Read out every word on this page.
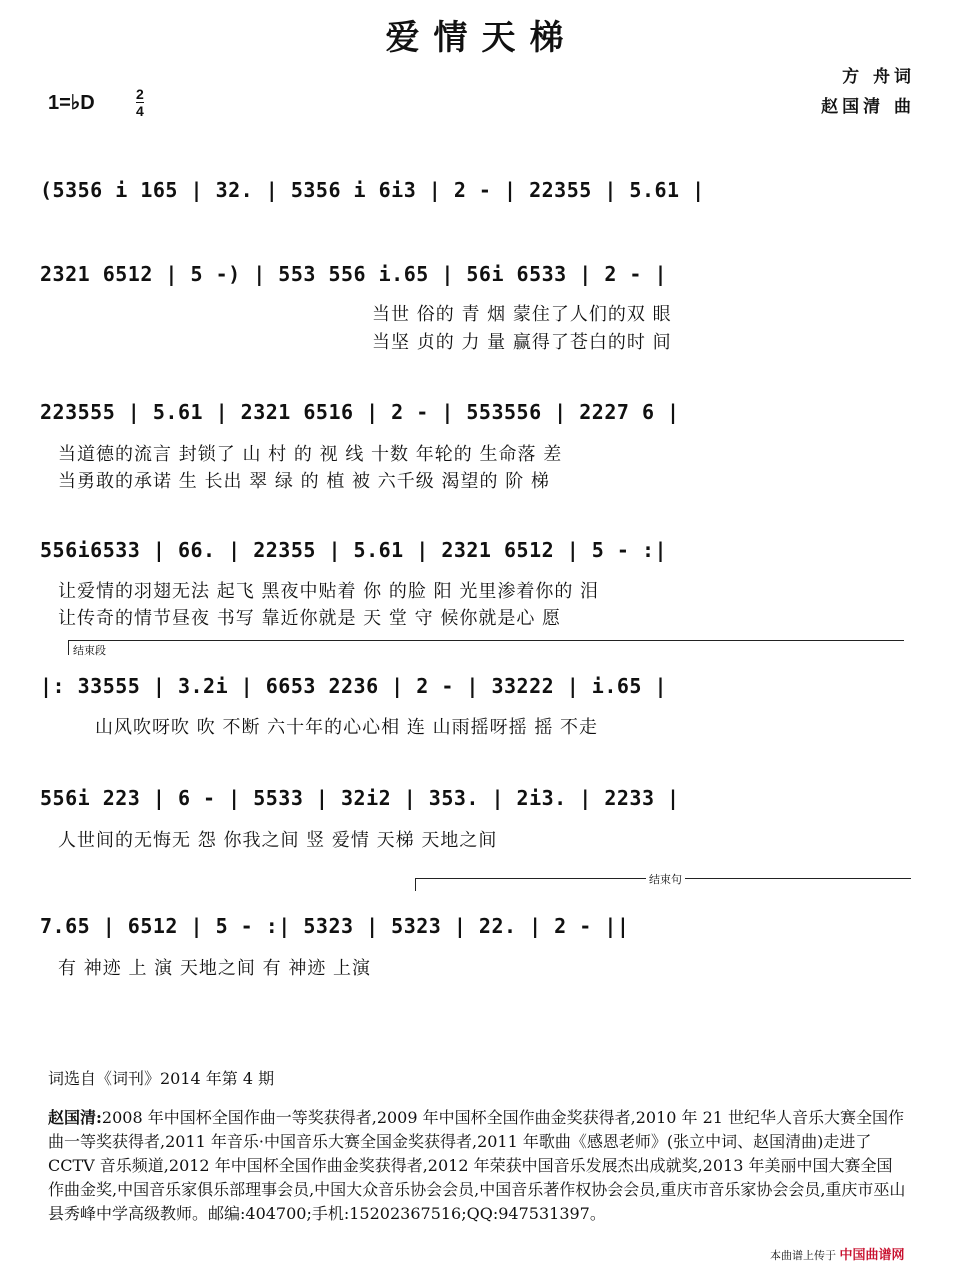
爱情天梯
方 舟词
赵国清 曲
1=♭D	2
4
(5356 i 165 | 32. | 5356 i 6i3 | 2 - | 22355 | 5.61 |
2321 6512 | 5 -) | 553 556 i.65 | 56i 6533 | 2 - |
当世 俗的 青 烟 蒙住了人们的双 眼
当坚 贞的 力 量 赢得了苍白的时 间
223555 | 5.61 | 2321 6516 | 2 - | 553556 | 2227 6 |
当道德的流言 封锁了 山 村 的 视 线 十数 年轮的 生命落 差
当勇敢的承诺 生 长出 翠 绿 的 植 被 六千级 渴望的 阶 梯
556i6533 | 66. | 22355 | 5.61 | 2321 6512 | 5 - :|
让爱情的羽翅无法 起飞 黑夜中贴着 你 的脸 阳 光里渗着你的 泪
让传奇的情节昼夜 书写 靠近你就是 天 堂 守 候你就是心 愿
结束段
|: 33555 | 3.2i | 6653 2236 | 2 - | 33222 | i.65 |
山风吹呀吹 吹 不断 六十年的心心相 连 山雨摇呀摇 摇 不走
556i 223 | 6 - | 5533 | 32i2 | 353. | 2i3. | 2233 |
人世间的无悔无 怨 你我之间 竖 爱情 天梯 天地之间
结束句
7.65 | 6512 | 5 - :| 5323 | 5323 | 22. | 2 - ||
有 神迹 上 演 天地之间 有 神迹 上演
词选自《词刊》2014 年第 4 期
赵国清:2008 年中国杯全国作曲一等奖获得者,2009 年中国杯全国作曲金奖获得者,2010 年 21 世纪华人音乐大赛全国作曲一等奖获得者,2011 年音乐·中国音乐大赛全国金奖获得者,2011 年歌曲《感恩老师》(张立中词、赵国清曲)走进了 CCTV 音乐频道,2012 年中国杯全国作曲金奖获得者,2012 年荣获中国音乐发展杰出成就奖,2013 年美丽中国大赛全国作曲金奖,中国音乐家俱乐部理事会员,中国大众音乐协会会员,中国音乐著作权协会会员,重庆市音乐家协会会员,重庆市巫山县秀峰中学高级教师。邮编:404700;手机:15202367516;QQ:947531397。
本曲谱上传于 中国曲谱网
